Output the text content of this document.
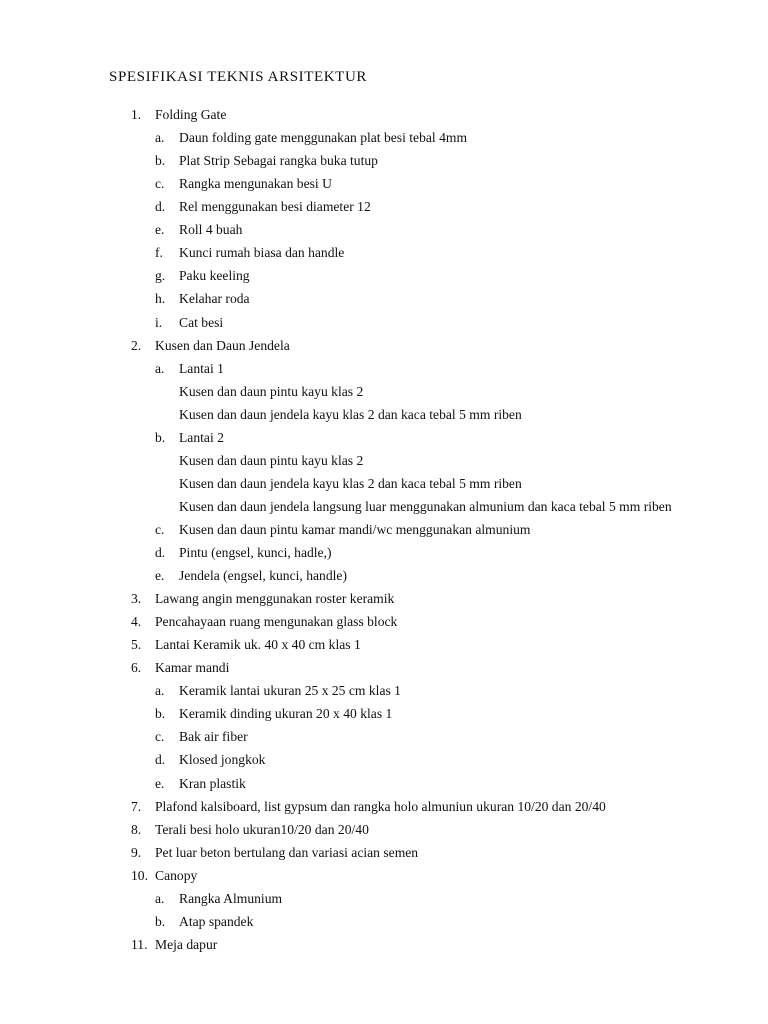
SPESIFIKASI TEKNIS ARSITEKTUR
1. Folding Gate
a. Daun folding gate menggunakan plat besi tebal 4mm
b. Plat Strip Sebagai rangka buka tutup
c. Rangka mengunakan besi U
d. Rel menggunakan besi diameter 12
e. Roll 4 buah
f. Kunci rumah biasa dan handle
g. Paku keeling
h. Kelahar roda
i. Cat besi
2. Kusen dan Daun Jendela
a. Lantai 1
Kusen dan daun pintu kayu klas 2
Kusen dan daun jendela kayu klas 2 dan kaca tebal 5 mm riben
b. Lantai 2
Kusen dan daun pintu kayu klas 2
Kusen dan daun jendela kayu klas 2 dan kaca tebal 5 mm riben
Kusen dan daun jendela langsung luar menggunakan almunium dan kaca tebal 5 mm riben
c. Kusen dan daun pintu kamar mandi/wc menggunakan almunium
d. Pintu (engsel, kunci, hadle,)
e. Jendela (engsel, kunci, handle)
3. Lawang angin menggunakan roster keramik
4. Pencahayaan ruang mengunakan glass block
5. Lantai Keramik uk. 40 x 40 cm klas 1
6. Kamar mandi
a. Keramik lantai ukuran 25 x 25 cm klas 1
b. Keramik dinding ukuran 20 x 40 klas 1
c. Bak air fiber
d. Klosed jongkok
e. Kran plastik
7. Plafond kalsiboard, list gypsum dan rangka holo almuniun ukuran 10/20 dan 20/40
8. Terali besi holo ukuran10/20 dan 20/40
9. Pet luar beton bertulang dan variasi acian semen
10. Canopy
a. Rangka Almunium
b. Atap spandek
11. Meja dapur
